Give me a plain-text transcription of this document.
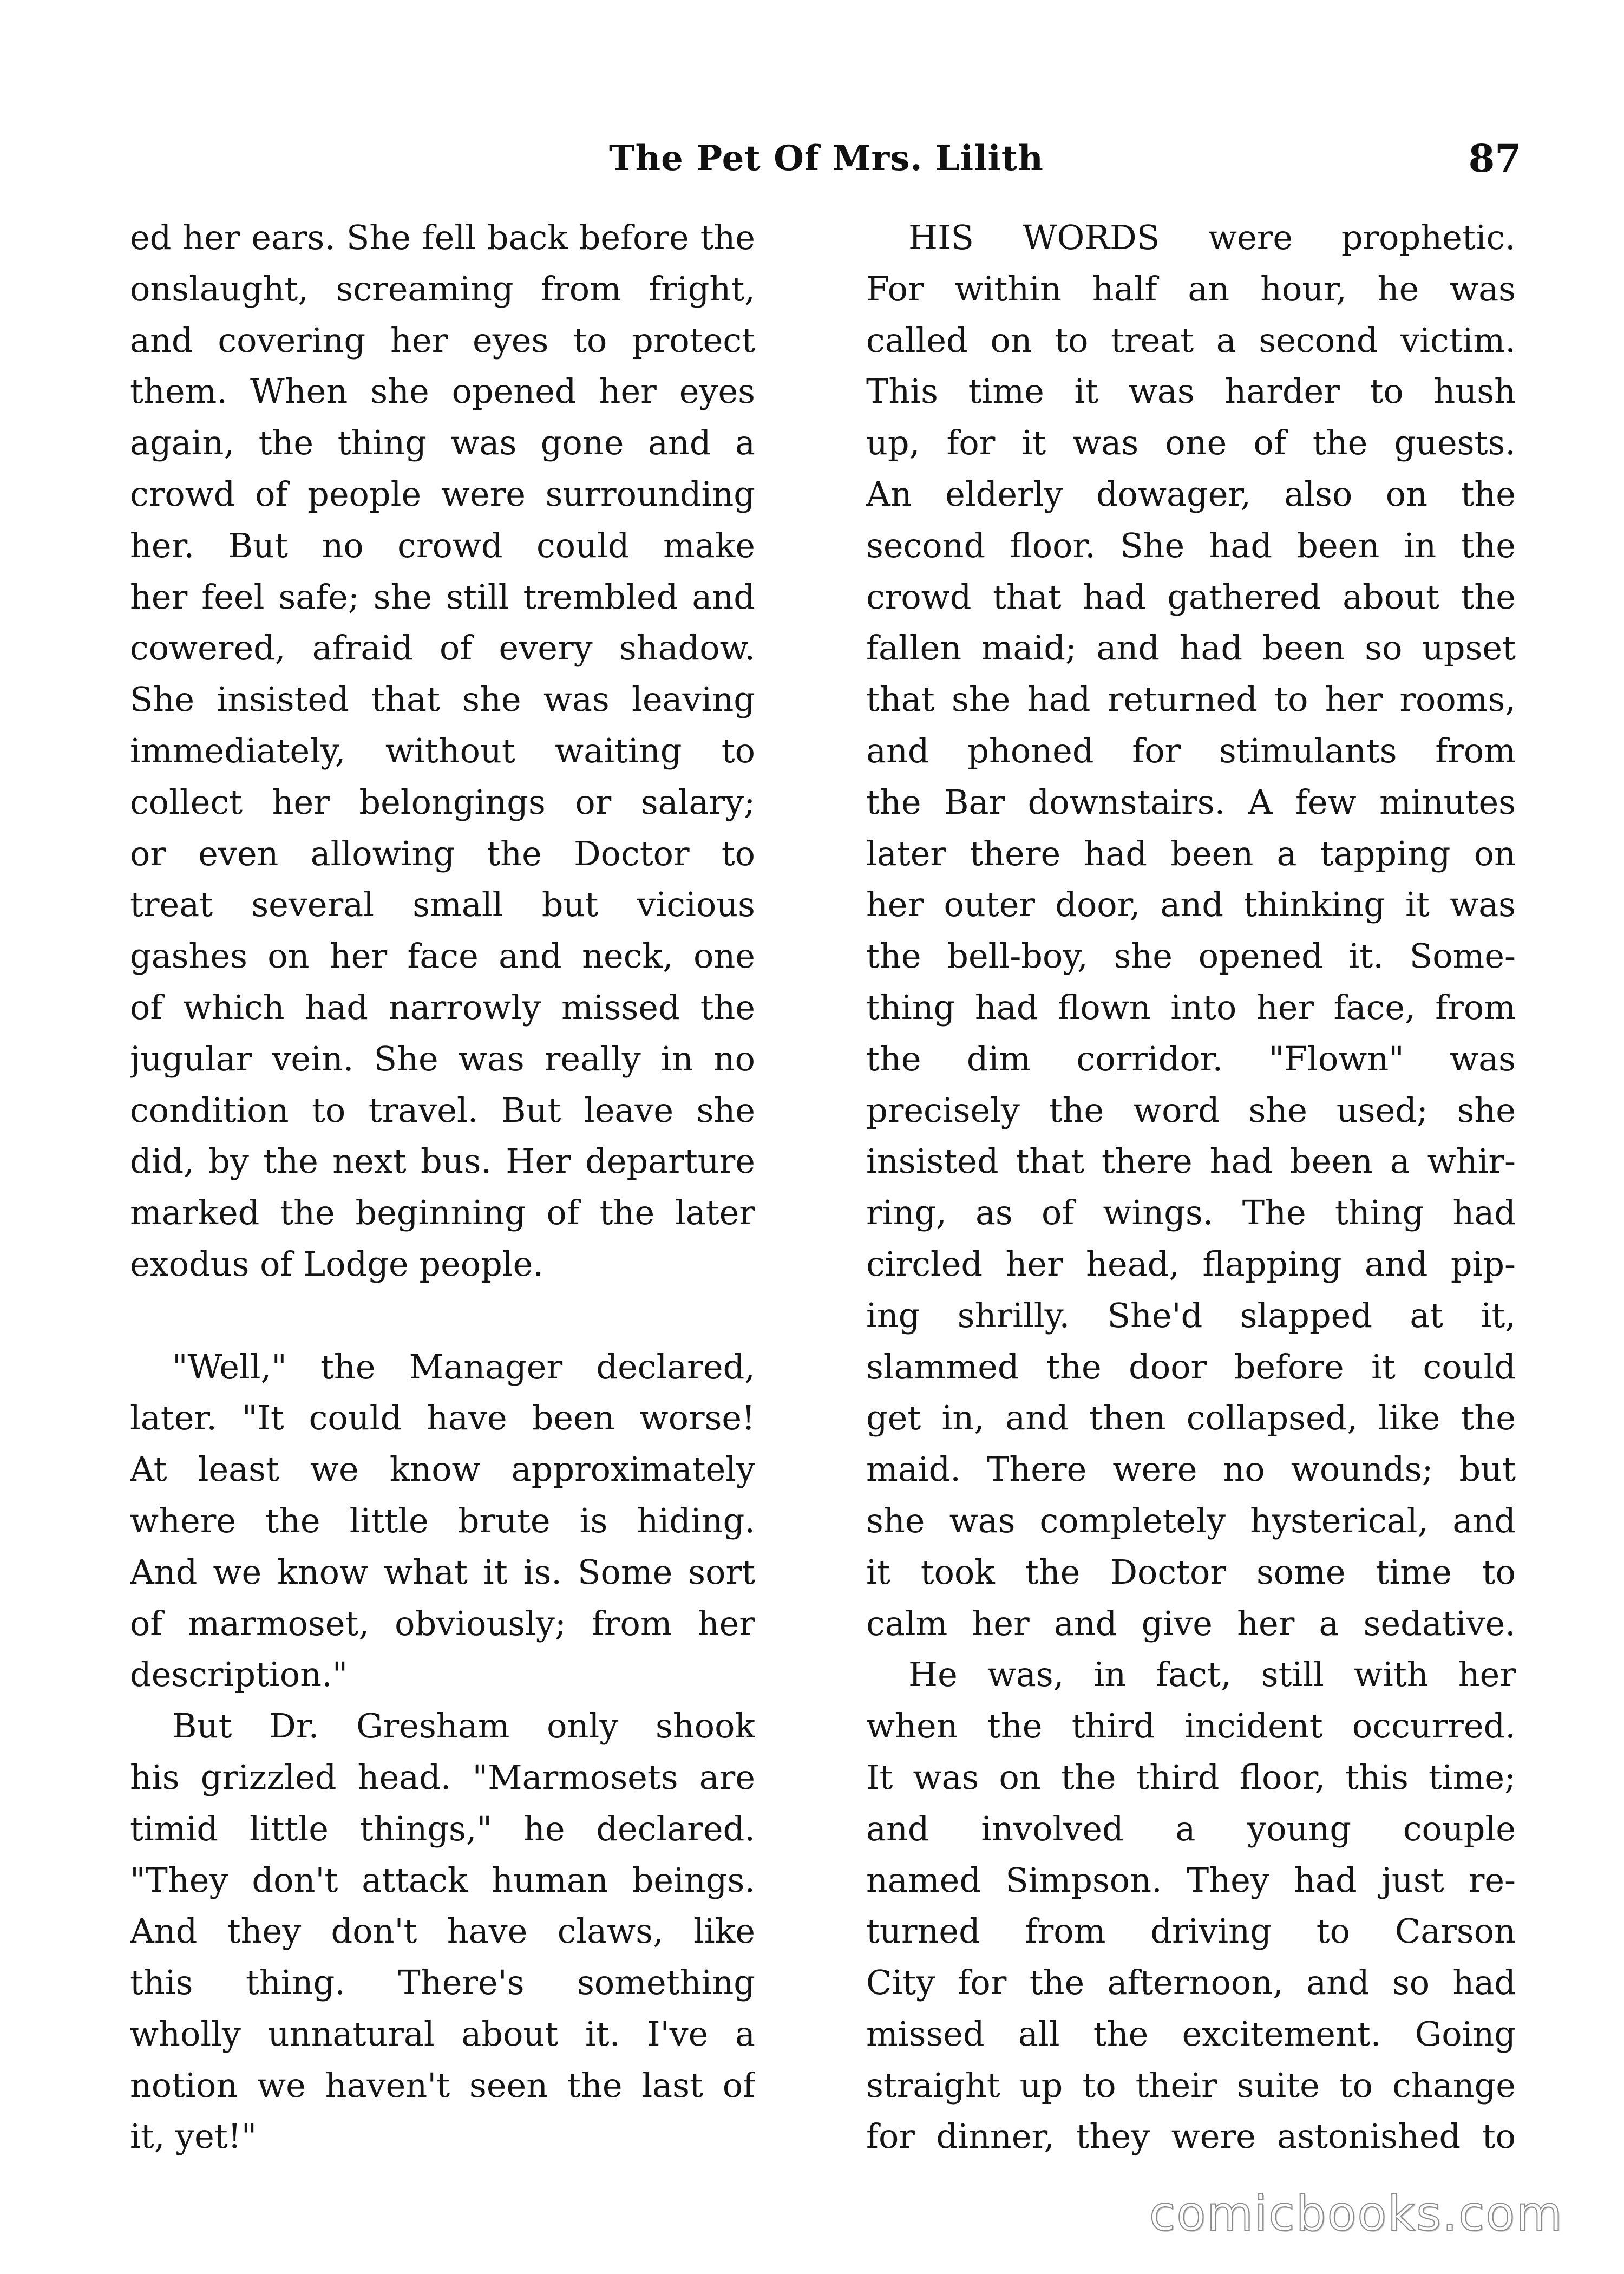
The Pet Of Mrs. Lilith	87

ed her ears. She fell back before the
onslaught, screaming from fright,
and covering her eyes to protect
them. When she opened her eyes
again, the thing was gone and a
crowd of people were surrounding
her. But no crowd could make
her feel safe; she still trembled and
cowered, afraid of every shadow.
She insisted that she was leaving
immediately, without waiting to
collect her belongings or salary;
or even allowing the Doctor to
treat several small but vicious
gashes on her face and neck, one
of which had narrowly missed the
jugular vein. She was really in no
condition to travel. But leave she
did, by the next bus. Her departure
marked the beginning of the later
exodus of Lodge people.

"Well," the Manager declared,
later. "It could have been worse!
At least we know approximately
where the little brute is hiding.
And we know what it is. Some sort
of marmoset, obviously; from her
description."

But Dr. Gresham only shook
his grizzled head. "Marmosets are
timid little things," he declared.
"They don't attack human beings.
And they don't have claws, like
this thing. There's something
wholly unnatural about it. I've a
notion we haven't seen the last of
it, yet!"

HIS WORDS were prophetic.
For within half an hour, he was
called on to treat a second victim.
This time it was harder to hush
up, for it was one of the guests.
An elderly dowager, also on the
second floor. She had been in the
crowd that had gathered about the
fallen maid; and had been so upset
that she had returned to her rooms,
and phoned for stimulants from
the Bar downstairs. A few minutes
later there had been a tapping on
her outer door, and thinking it was
the bell-boy, she opened it. Some-
thing had flown into her face, from
the dim corridor. "Flown" was
precisely the word she used; she
insisted that there had been a whir-
ring, as of wings. The thing had
circled her head, flapping and pip-
ing shrilly. She'd slapped at it,
slammed the door before it could
get in, and then collapsed, like the
maid. There were no wounds; but
she was completely hysterical, and
it took the Doctor some time to
calm her and give her a sedative.

He was, in fact, still with her
when the third incident occurred.
It was on the third floor, this time;
and involved a young couple
named Simpson. They had just re-
turned from driving to Carson
City for the afternoon, and so had
missed all the excitement. Going
straight up to their suite to change
for dinner, they were astonished to

comicbooks.com
